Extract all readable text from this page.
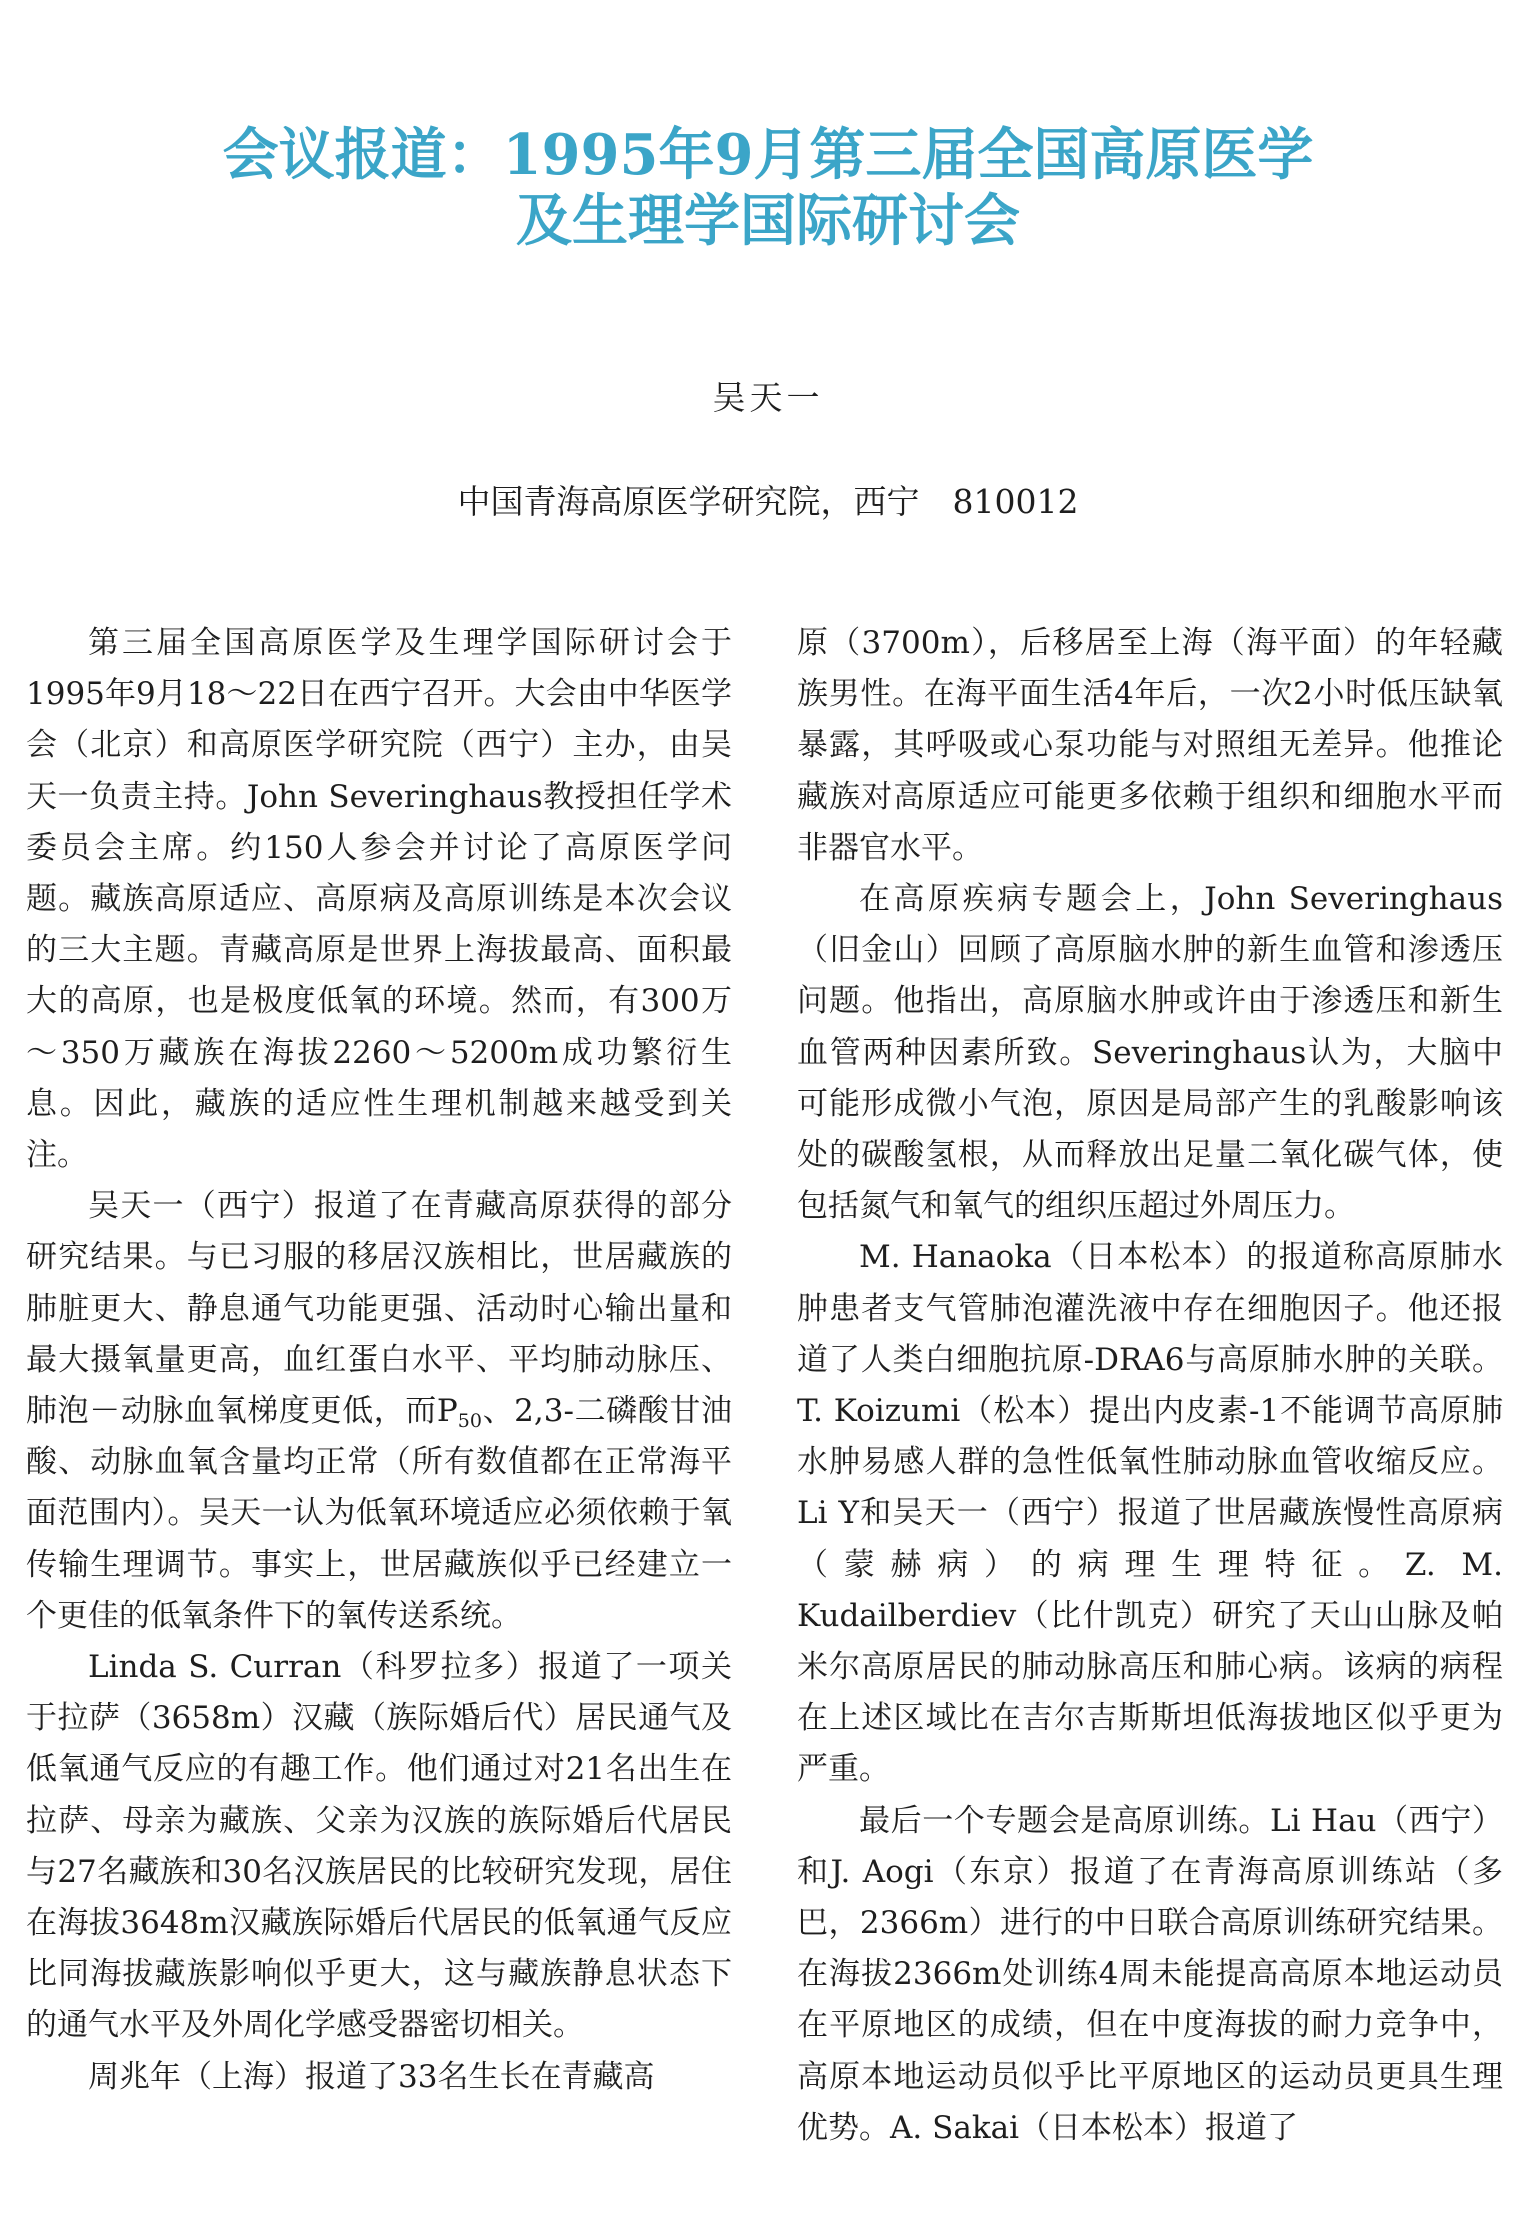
会议报道：1995年9月第三届全国高原医学
及生理学国际研讨会

吴天一

中国青海高原医学研究院，西宁　810012

第三届全国高原医学及生理学国际研讨会于1995年9月18～22日在西宁召开。大会由中华医学会（北京）和高原医学研究院（西宁）主办，由吴天一负责主持。John Severinghaus教授担任学术委员会主席。约150人参会并讨论了高原医学问题。藏族高原适应、高原病及高原训练是本次会议的三大主题。青藏高原是世界上海拔最高、面积最大的高原，也是极度低氧的环境。然而，有300万～350万藏族在海拔2260～5200m成功繁衍生息。因此，藏族的适应性生理机制越来越受到关注。

吴天一（西宁）报道了在青藏高原获得的部分研究结果。与已习服的移居汉族相比，世居藏族的肺脏更大、静息通气功能更强、活动时心输出量和最大摄氧量更高，血红蛋白水平、平均肺动脉压、肺泡－动脉血氧梯度更低，而$P_{50}$、2,3-二磷酸甘油酸、动脉血氧含量均正常（所有数值都在正常海平面范围内）。吴天一认为低氧环境适应必须依赖于氧传输生理调节。事实上，世居藏族似乎已经建立一个更佳的低氧条件下的氧传送系统。

Linda S. Curran（科罗拉多）报道了一项关于拉萨（3658m）汉藏（族际婚后代）居民通气及低氧通气反应的有趣工作。他们通过对21名出生在拉萨、母亲为藏族、父亲为汉族的族际婚后代居民与27名藏族和30名汉族居民的比较研究发现，居住在海拔3648m汉藏族际婚后代居民的低氧通气反应比同海拔藏族影响似乎更大，这与藏族静息状态下的通气水平及外周化学感受器密切相关。

周兆年（上海）报道了33名生长在青藏高

原（3700m），后移居至上海（海平面）的年轻藏族男性。在海平面生活4年后，一次2小时低压缺氧暴露，其呼吸或心泵功能与对照组无差异。他推论藏族对高原适应可能更多依赖于组织和细胞水平而非器官水平。

在高原疾病专题会上，John Severinghaus（旧金山）回顾了高原脑水肿的新生血管和渗透压问题。他指出，高原脑水肿或许由于渗透压和新生血管两种因素所致。Severinghaus认为，大脑中可能形成微小气泡，原因是局部产生的乳酸影响该处的碳酸氢根，从而释放出足量二氧化碳气体，使包括氮气和氧气的组织压超过外周压力。

M. Hanaoka（日本松本）的报道称高原肺水肿患者支气管肺泡灌洗液中存在细胞因子。他还报道了人类白细胞抗原-DRA6与高原肺水肿的关联。T. Koizumi（松本）提出内皮素-1不能调节高原肺水肿易感人群的急性低氧性肺动脉血管收缩反应。Li Y和吴天一（西宁）报道了世居藏族慢性高原病（蒙赫病）的病理生理特征。Z. M. Kudailberdiev（比什凯克）研究了天山山脉及帕米尔高原居民的肺动脉高压和肺心病。该病的病程在上述区域比在吉尔吉斯斯坦低海拔地区似乎更为严重。

最后一个专题会是高原训练。Li Hau（西宁）和J. Aogi（东京）报道了在青海高原训练站（多巴，2366m）进行的中日联合高原训练研究结果。在海拔2366m处训练4周未能提高高原本地运动员在平原地区的成绩，但在中度海拔的耐力竞争中，高原本地运动员似乎比平原地区的运动员更具生理优势。A. Sakai（日本松本）报道了
